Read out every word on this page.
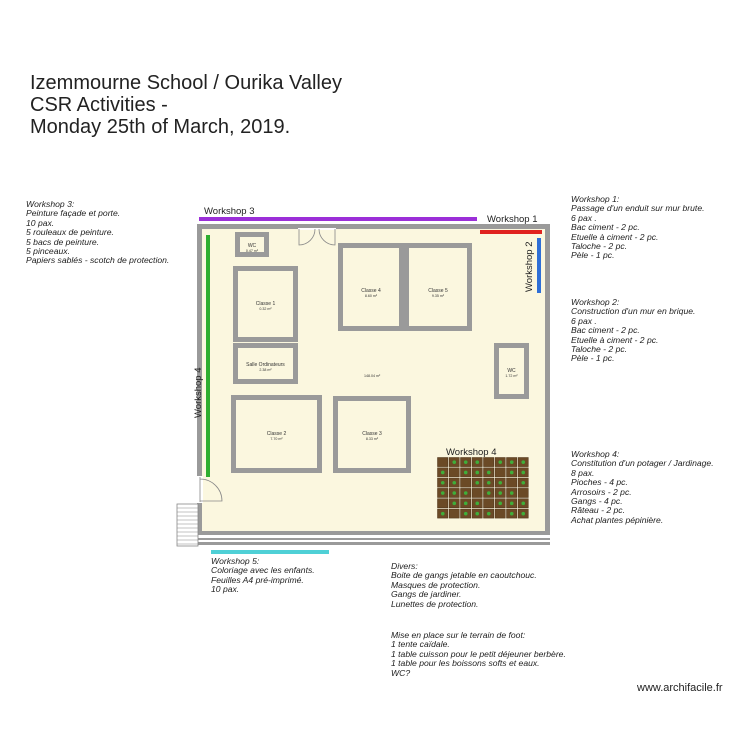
Izemmourne School / Ourika Valley
CSR Activities -
Monday 25th of March, 2019.
Workshop 3:
Peinture façade et porte.
10 pax.
5 rouleaux de peinture.
5 bacs de peinture.
5 pinceaux.
Papiers sablés - scotch de protection.
Workshop 1:
Passage d'un enduit sur mur brute.
6 pax .
Bac ciment - 2 pc.
Etuelle à ciment - 2 pc.
Taloche - 2 pc.
Pèle - 1 pc.
Workshop 2:
Construction d'un mur en brique.
6 pax .
Bac ciment - 2 pc.
Etuelle à ciment - 2 pc.
Taloche - 2 pc.
Pèle - 1 pc.
Workshop 4:
Constitution d'un potager / Jardinage.
8 pax.
Pioches - 4 pc.
Arrosoirs - 2 pc.
Gangs - 4 pc.
Râteau - 2 pc.
Achat plantes pépinière.
Workshop 5:
Coloriage avec les enfants.
Feuilles A4 pré-imprimé.
10 pax.
Divers:
Boite de gangs jetable en caoutchouc.
Masques de protection.
Gangs de jardiner.
Lunettes de protection.
Mise en place sur le terrain de foot:
1 tente caïdale.
1 table cuisson pour le petit déjeuner berbère.
1 table pour les boissons softs et eaux.
WC?
WC
0.47 m²
Classe 1
0.32 m²
Salle Ordinateurs
2.38 m²
Classe 2
7.70 m²
Classe 3
8.33 m²
Classe 4
8.60 m²
Classe 5
9.35 m²
WC
1.72 m²
148.04 m²
Workshop 3
Workshop 1
Workshop 2
Workshop 4
Workshop 4
www.archifacile.fr
